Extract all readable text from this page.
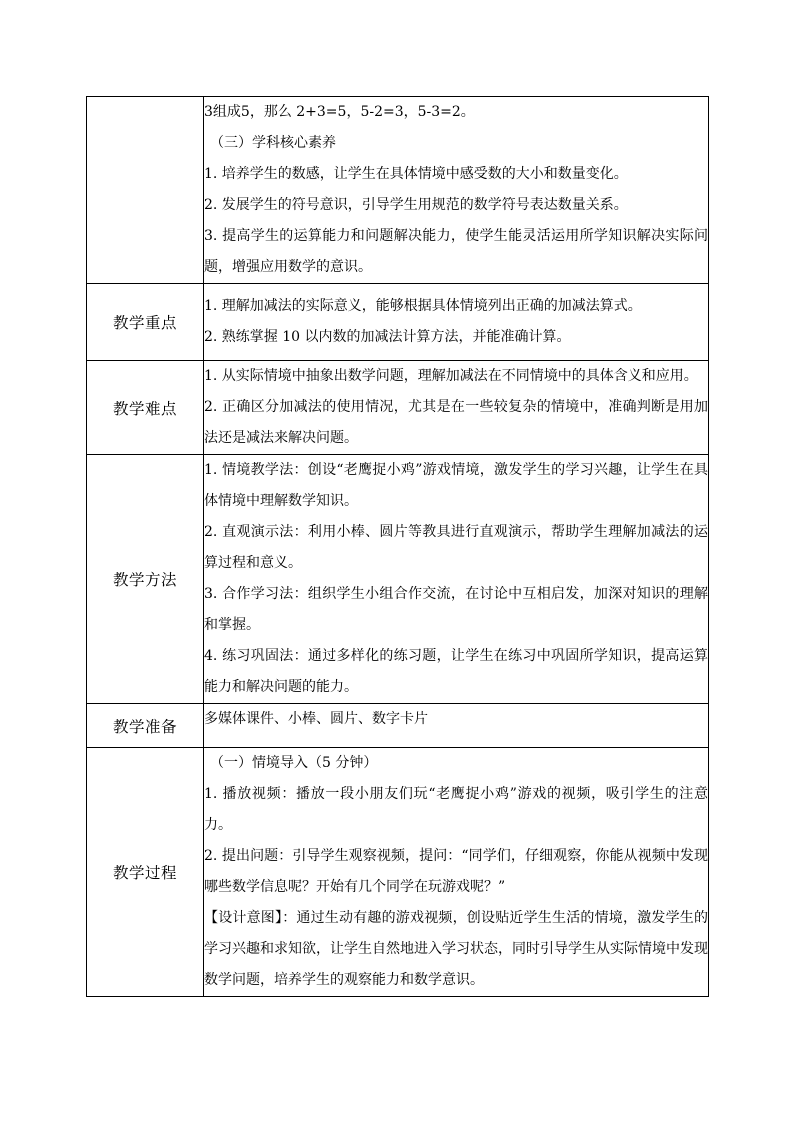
	3组成5，那么 2+3=5，5-2=3，5-3=2。
（三）学科核心素养
1. 培养学生的数感，让学生在具体情境中感受数的大小和数量变化。
2. 发展学生的符号意识，引导学生用规范的数学符号表达数量关系。
3. 提高学生的运算能力和问题解决能力，使学生能灵活运用所学知识解决实际问题，增强应用数学的意识。

教学重点	1. 理解加减法的实际意义，能够根据具体情境列出正确的加减法算式。
2. 熟练掌握 10 以内数的加减法计算方法，并能准确计算。

教学难点	1. 从实际情境中抽象出数学问题，理解加减法在不同情境中的具体含义和应用。
2. 正确区分加减法的使用情况，尤其是在一些较复杂的情境中，准确判断是用加法还是减法来解决问题。

教学方法	1. 情境教学法：创设“老鹰捉小鸡”游戏情境，激发学生的学习兴趣，让学生在具体情境中理解数学知识。
2. 直观演示法：利用小棒、圆片等教具进行直观演示，帮助学生理解加减法的运算过程和意义。
3. 合作学习法：组织学生小组合作交流，在讨论中互相启发，加深对知识的理解和掌握。
4. 练习巩固法：通过多样化的练习题，让学生在练习中巩固所学知识，提高运算能力和解决问题的能力。

教学准备	多媒体课件、小棒、圆片、数字卡片

教学过程	（一）情境导入（5 分钟）
1. 播放视频：播放一段小朋友们玩“老鹰捉小鸡”游戏的视频，吸引学生的注意力。
2. 提出问题：引导学生观察视频，提问：“同学们，仔细观察，你能从视频中发现哪些数学信息呢？开始有几个同学在玩游戏呢？”
【设计意图】：通过生动有趣的游戏视频，创设贴近学生生活的情境，激发学生的学习兴趣和求知欲，让学生自然地进入学习状态，同时引导学生从实际情境中发现数学问题，培养学生的观察能力和数学意识。
